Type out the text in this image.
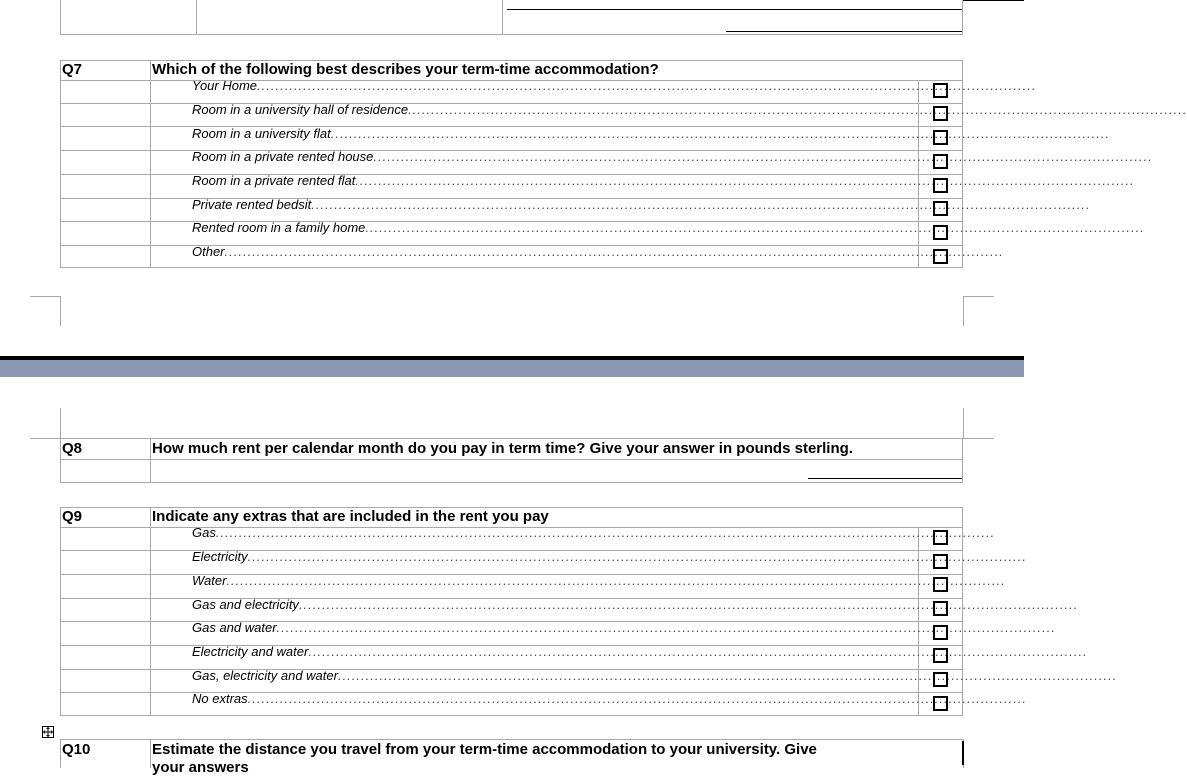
Q7	Which of the following best describes your term-time accommodation?
Your Home.........................................................................................................................................................................
Room in a university hall of residence.........................................................................................................................................................................
Room in a university flat.........................................................................................................................................................................
Room in a private rented house.........................................................................................................................................................................
Room in a private rented flat.........................................................................................................................................................................
Private rented bedsit.........................................................................................................................................................................
Rented room in a family home.........................................................................................................................................................................
Other.........................................................................................................................................................................
Q8	How much rent per calendar month do you pay in term time? Give your answer in pounds sterling.
Q9	Indicate any extras that are included in the rent you pay
Gas.........................................................................................................................................................................
Electricity.........................................................................................................................................................................
Water.........................................................................................................................................................................
Gas and electricity.........................................................................................................................................................................
Gas and water.........................................................................................................................................................................
Electricity and water.........................................................................................................................................................................
Gas, electricity and water.........................................................................................................................................................................
No extras.........................................................................................................................................................................
Q10	Estimate the distance you travel from your term-time accommodation to your university. Give
your answers
